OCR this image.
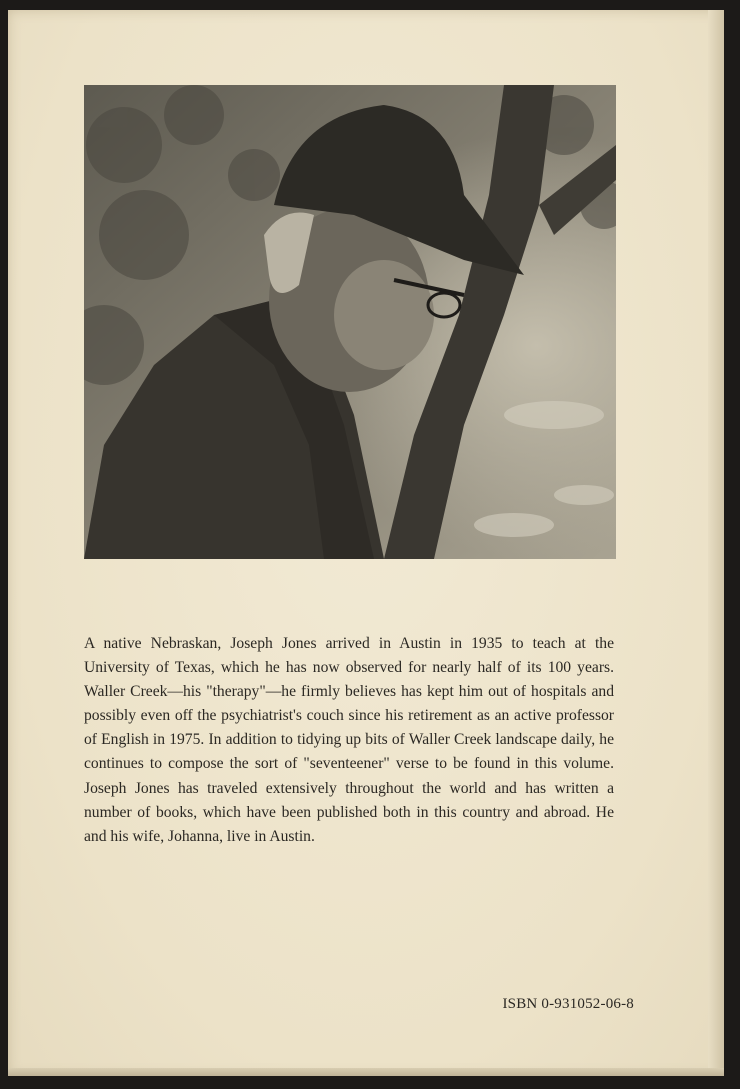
A native Nebraskan, Joseph Jones arrived in Austin in 1935 to teach at the University of Texas, which he has now observed for nearly half of its 100 years. Waller Creek—his "therapy"—he firmly believes has kept him out of hospitals and possibly even off the psychiatrist's couch since his retirement as an active professor of English in 1975. In addition to tidying up bits of Waller Creek landscape daily, he continues to compose the sort of "seventeener" verse to be found in this volume. Joseph Jones has traveled extensively throughout the world and has written a number of books, which have been published both in this country and abroad. He and his wife, Johanna, live in Austin.

ISBN 0-931052-06-8
